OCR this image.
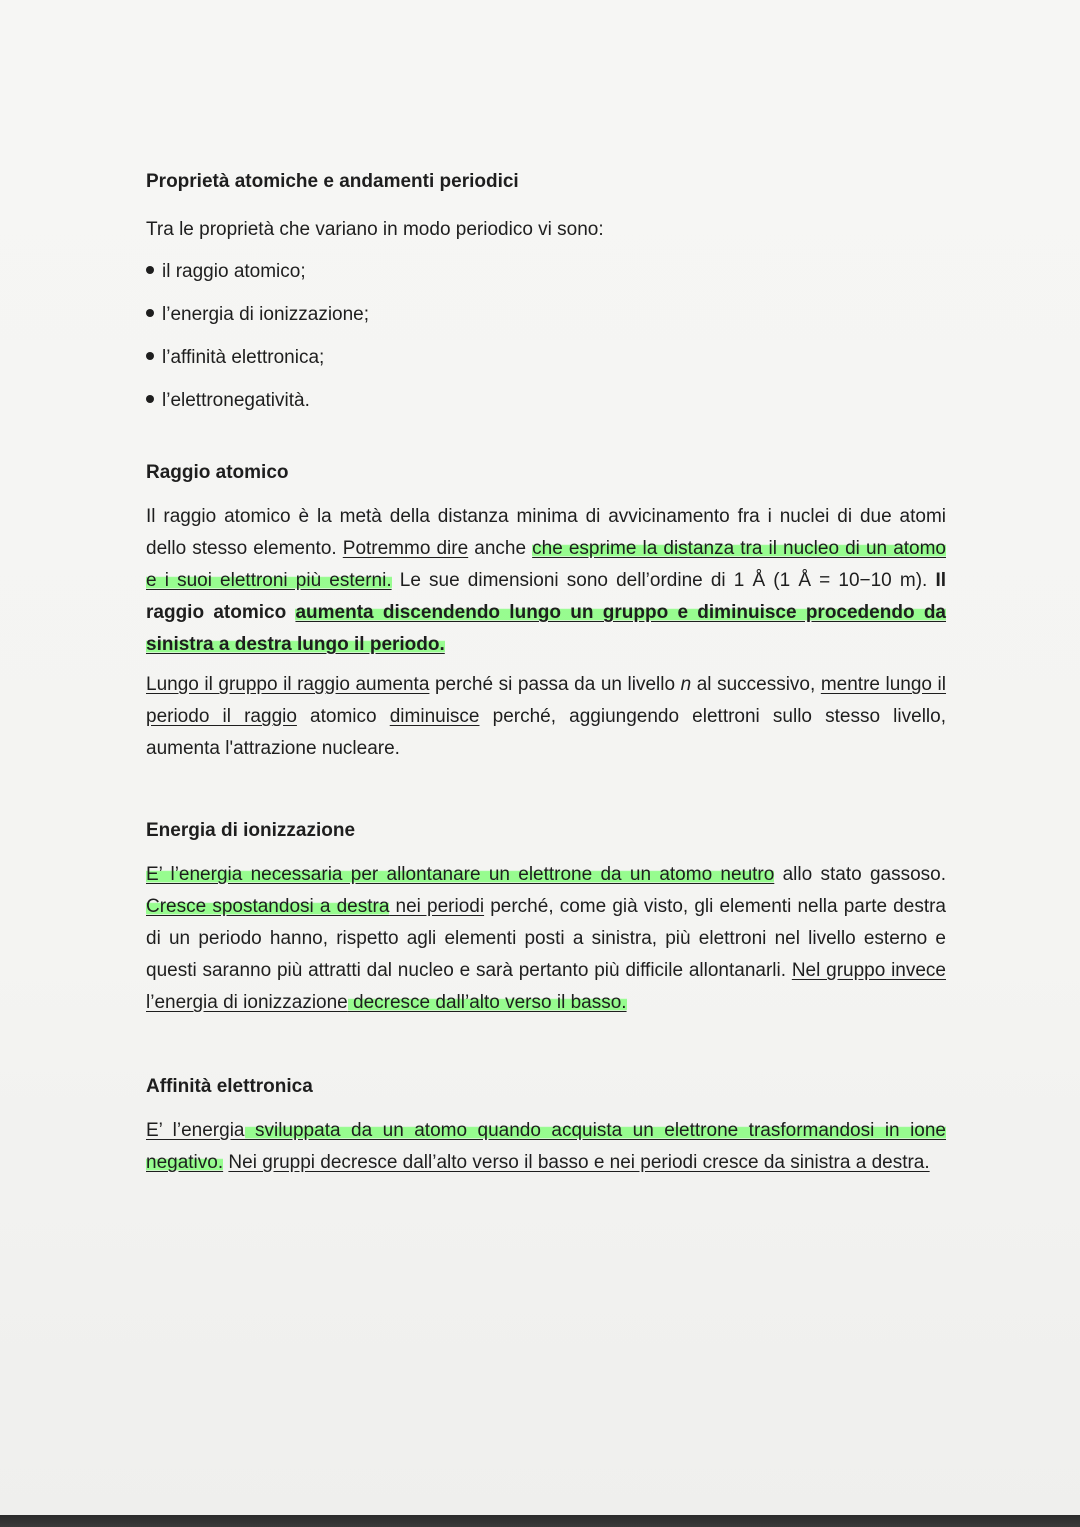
Proprietà atomiche e andamenti periodici

Tra le proprietà che variano in modo periodico vi sono:

il raggio atomico;
l’energia di ionizzazione;
l’affinità elettronica;
l’elettronegatività.

Raggio atomico

Il raggio atomico è la metà della distanza minima di avvicinamento fra i nuclei di due atomi dello stesso elemento. Potremmo dire anche che esprime la distanza tra il nucleo di un atomo e i suoi elettroni più esterni. Le sue dimensioni sono dell’ordine di 1 Å (1 Å = 10−10 m). Il raggio atomico aumenta discendendo lungo un gruppo e diminuisce procedendo da sinistra a destra lungo il periodo.

Lungo il gruppo il raggio aumenta perché si passa da un livello n al successivo, mentre lungo il periodo il raggio atomico diminuisce perché, aggiungendo elettroni sullo stesso livello, aumenta l'attrazione nucleare.

Energia di ionizzazione

E’ l’energia necessaria per allontanare un elettrone da un atomo neutro allo stato gassoso. Cresce spostandosi a destra nei periodi perché, come già visto, gli elementi nella parte destra di un periodo hanno, rispetto agli elementi posti a sinistra, più elettroni nel livello esterno e questi saranno più attratti dal nucleo e sarà pertanto più difficile allontanarli. Nel gruppo invece l’energia di ionizzazione decresce dall’alto verso il basso.

Affinità elettronica

E’ l’energia sviluppata da un atomo quando acquista un elettrone trasformandosi in ione negativo. Nei gruppi decresce dall’alto verso il basso e nei periodi cresce da sinistra a destra.
